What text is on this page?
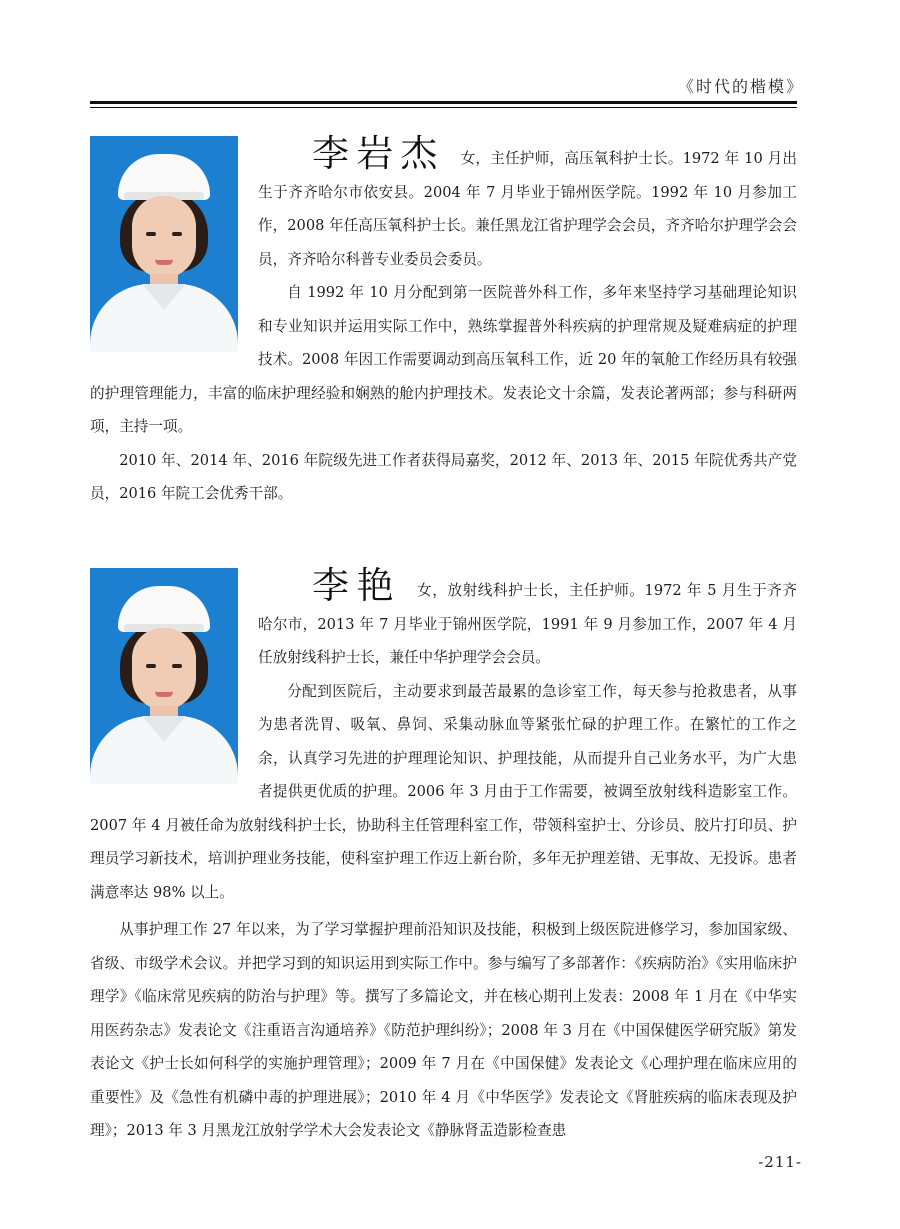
《时代的楷模》

李岩杰 女，主任护师，高压氧科护士长。1972 年 10 月出生于齐齐哈尔市依安县。2004 年 7 月毕业于锦州医学院。1992 年 10 月参加工作，2008 年任高压氧科护士长。兼任黑龙江省护理学会会员，齐齐哈尔护理学会会员，齐齐哈尔科普专业委员会委员。

自 1992 年 10 月分配到第一医院普外科工作，多年来坚持学习基础理论知识和专业知识并运用实际工作中，熟练掌握普外科疾病的护理常规及疑难病症的护理技术。2008 年因工作需要调动到高压氧科工作，近 20 年的氧舱工作经历具有较强的护理管理能力，丰富的临床护理经验和娴熟的舱内护理技术。发表论文十余篇，发表论著两部；参与科研两项，主持一项。

2010 年、2014 年、2016 年院级先进工作者获得局嘉奖，2012 年、2013 年、2015 年院优秀共产党员，2016 年院工会优秀干部。

李艳 女，放射线科护士长，主任护师。1972 年 5 月生于齐齐哈尔市，2013 年 7 月毕业于锦州医学院，1991 年 9 月参加工作，2007 年 4 月任放射线科护士长，兼任中华护理学会会员。

分配到医院后，主动要求到最苦最累的急诊室工作，每天参与抢救患者，从事为患者洗胃、吸氧、鼻饲、采集动脉血等紧张忙碌的护理工作。在繁忙的工作之余，认真学习先进的护理理论知识、护理技能，从而提升自己业务水平，为广大患者提供更优质的护理。2006 年 3 月由于工作需要，被调至放射线科造影室工作。2007 年 4 月被任命为放射线科护士长，协助科主任管理科室工作，带领科室护士、分诊员、胶片打印员、护理员学习新技术，培训护理业务技能，使科室护理工作迈上新台阶，多年无护理差错、无事故、无投诉。患者满意率达 98% 以上。

从事护理工作 27 年以来，为了学习掌握护理前沿知识及技能，积极到上级医院进修学习，参加国家级、省级、市级学术会议。并把学习到的知识运用到实际工作中。参与编写了多部著作：《疾病防治》《实用临床护理学》《临床常见疾病的防治与护理》等。撰写了多篇论文，并在核心期刊上发表：2008 年 1 月在《中华实用医药杂志》发表论文《注重语言沟通培养》《防范护理纠纷》；2008 年 3 月在《中国保健医学研究版》第发表论文《护士长如何科学的实施护理管理》；2009 年 7 月在《中国保健》发表论文《心理护理在临床应用的重要性》及《急性有机磷中毒的护理进展》；2010 年 4 月《中华医学》发表论文《肾脏疾病的临床表现及护理》；2013 年 3 月黑龙江放射学学术大会发表论文《静脉肾盂造影检查患

-211-
